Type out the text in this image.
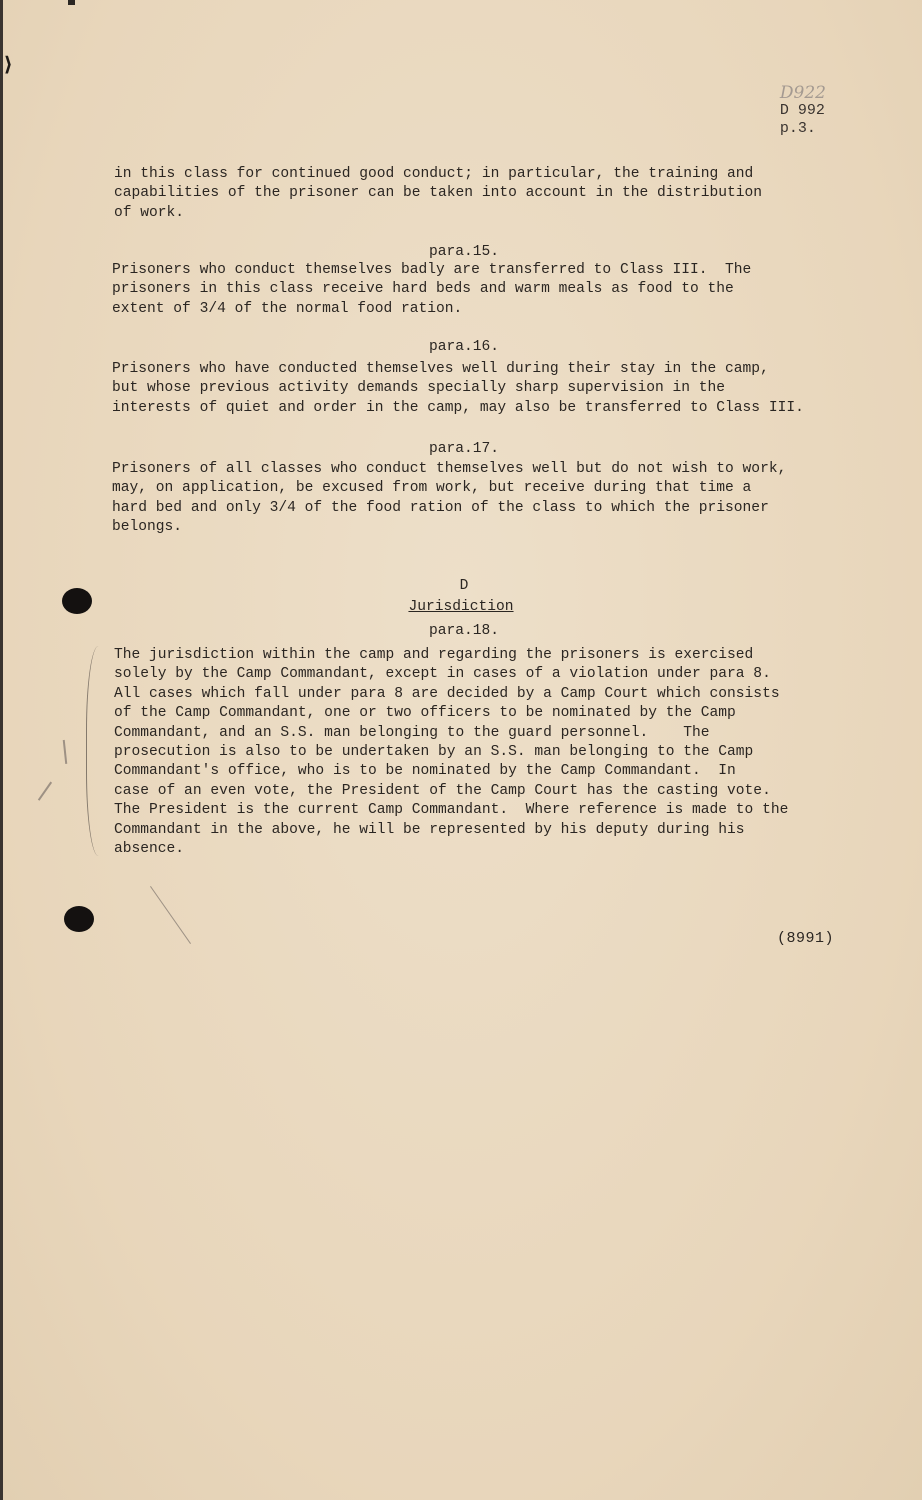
⟩
D922
D 992
p.3.

in this class for continued good conduct; in particular, the training and
capabilities of the prisoner can be taken into account in the distribution
of work.

para.15.

Prisoners who conduct themselves badly are transferred to Class III.  The
prisoners in this class receive hard beds and warm meals as food to the
extent of 3/4 of the normal food ration.

para.16.

Prisoners who have conducted themselves well during their stay in the camp,
but whose previous activity demands specially sharp supervision in the
interests of quiet and order in the camp, may also be transferred to Class III.

para.17.

Prisoners of all classes who conduct themselves well but do not wish to work,
may, on application, be excused from work, but receive during that time a
hard bed and only 3/4 of the food ration of the class to which the prisoner
belongs.

D

Jurisdiction

para.18.

The jurisdiction within the camp and regarding the prisoners is exercised
solely by the Camp Commandant, except in cases of a violation under para 8.
All cases which fall under para 8 are decided by a Camp Court which consists
of the Camp Commandant, one or two officers to be nominated by the Camp
Commandant, and an S.S. man belonging to the guard personnel.    The
prosecution is also to be undertaken by an S.S. man belonging to the Camp
Commandant's office, who is to be nominated by the Camp Commandant.  In
case of an even vote, the President of the Camp Court has the casting vote.
The President is the current Camp Commandant.  Where reference is made to the
Commandant in the above, he will be represented by his deputy during his
absence.

(8991)
